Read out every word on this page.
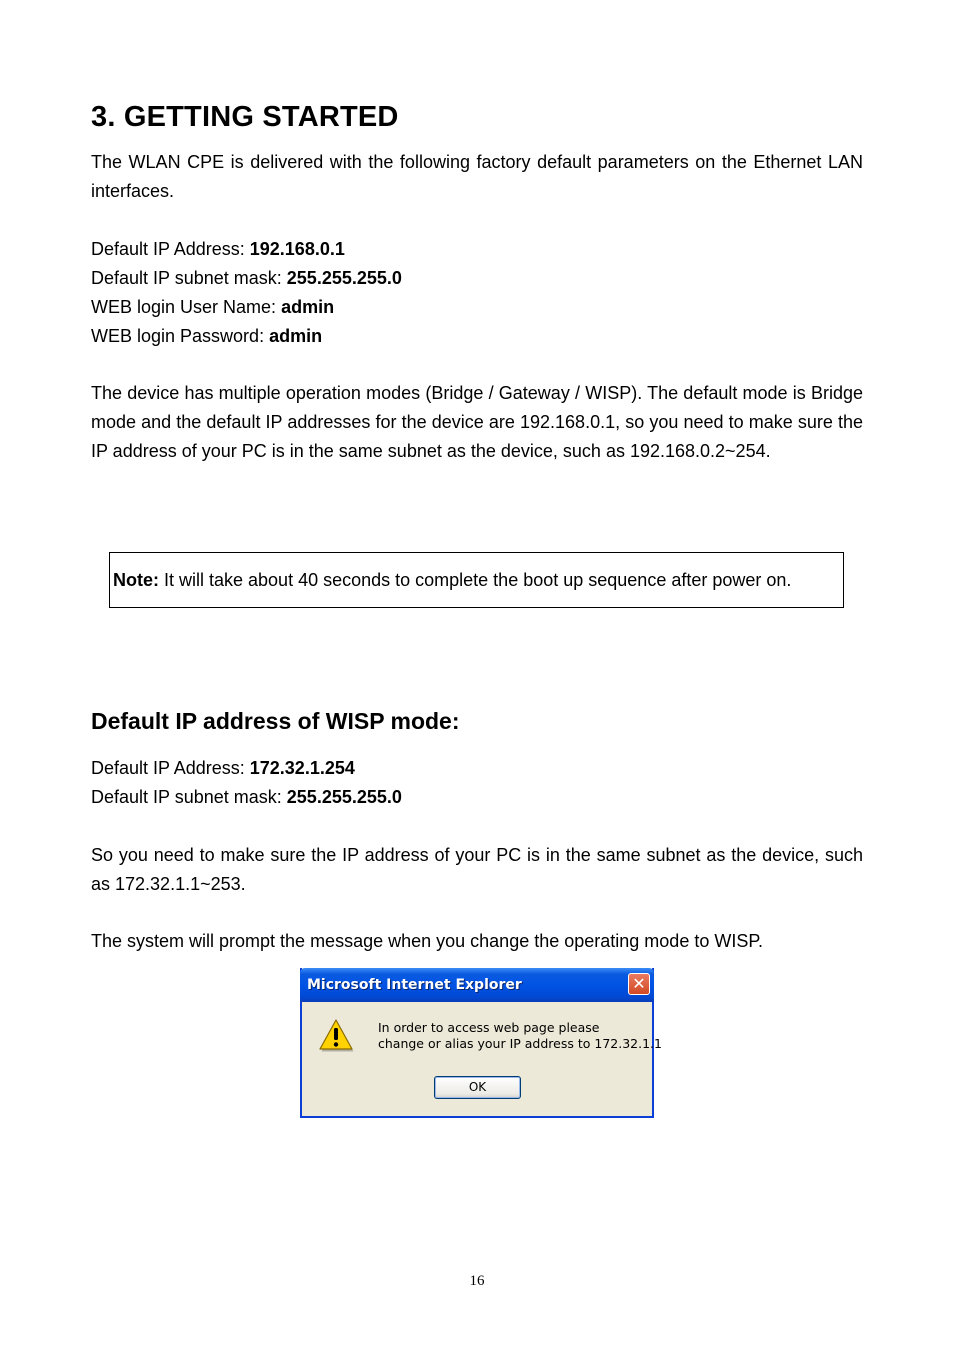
3. GETTING STARTED

The WLAN CPE is delivered with the following factory default parameters on the Ethernet LAN interfaces.

Default IP Address: 192.168.0.1

Default IP subnet mask: 255.255.255.0

WEB login User Name: admin

WEB login Password: admin

The device has multiple operation modes (Bridge / Gateway / WISP). The default mode is Bridge mode and the default IP addresses for the device are 192.168.0.1, so you need to make sure the IP address of your PC is in the same subnet as the device, such as 192.168.0.2~254.

Note: It will take about 40 seconds to complete the boot up sequence after power on.
Default IP address of WISP mode:

Default IP Address: 172.32.1.254

Default IP subnet mask: 255.255.255.0

So you need to make sure the IP address of your PC is in the same subnet as the device, such as 172.32.1.1~253.

The system will prompt the message when you change the operating mode to WISP.

Microsoft Internet Explorer	✕
In order to access web page please
change or alias your IP address to 172.32.1.1
OK
16
